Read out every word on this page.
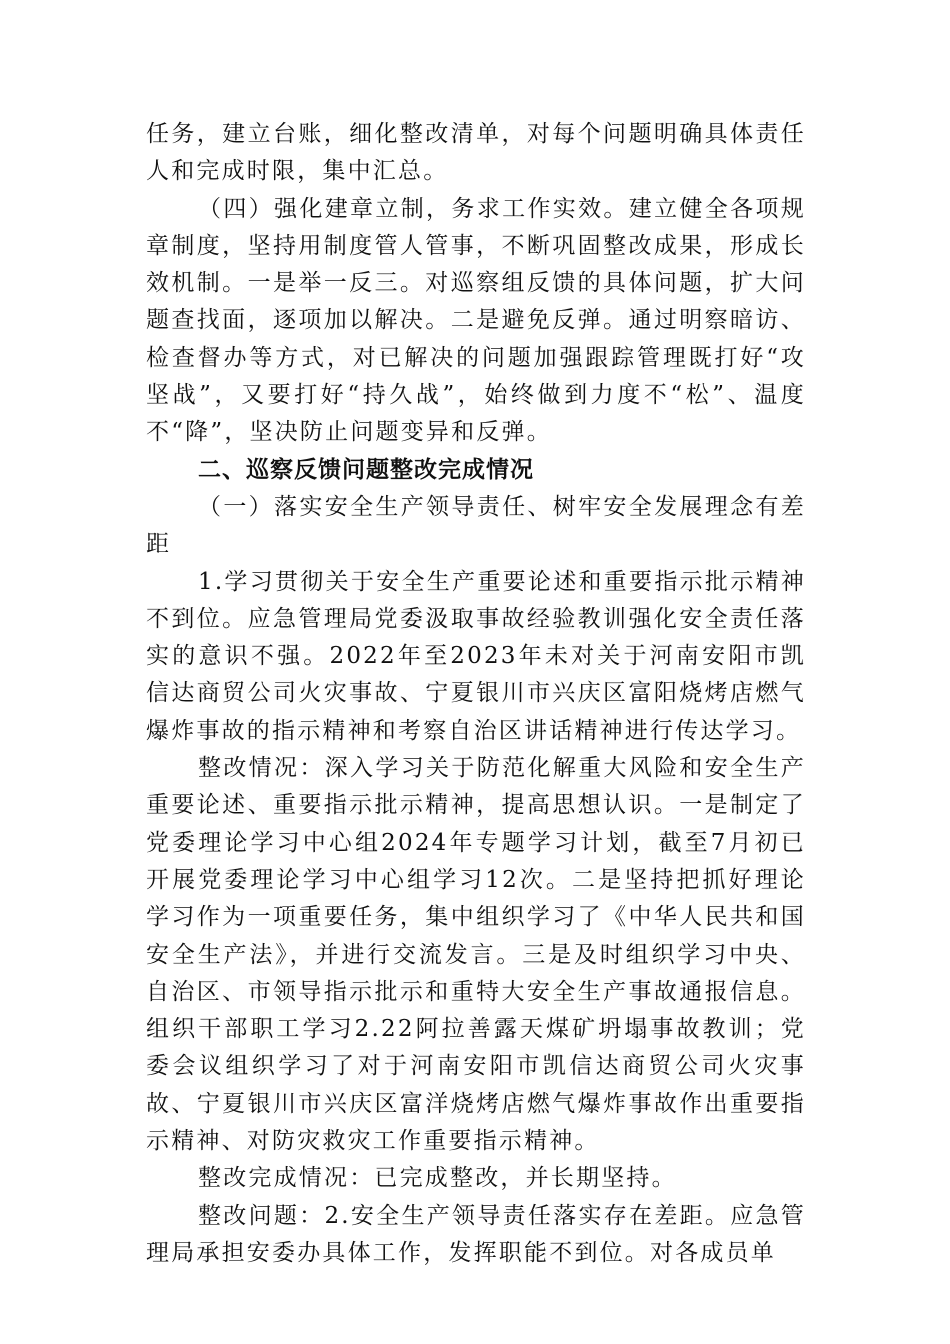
任务，建立台账，细化整改清单，对每个问题明确具体责任人和完成时限，集中汇总。

（四）强化建章立制，务求工作实效。建立健全各项规章制度，坚持用制度管人管事，不断巩固整改成果，形成长效机制。一是举一反三。对巡察组反馈的具体问题，扩大问题查找面，逐项加以解决。二是避免反弹。通过明察暗访、检查督办等方式，对已解决的问题加强跟踪管理既打好“攻坚战”，又要打好“持久战”，始终做到力度不“松”、温度不“降”，坚决防止问题变异和反弹。

二、巡察反馈问题整改完成情况

（一）落实安全生产领导责任、树牢安全发展理念有差距

1.学习贯彻关于安全生产重要论述和重要指示批示精神不到位。应急管理局党委汲取事故经验教训强化安全责任落实的意识不强。2022年至2023年未对关于河南安阳市凯信达商贸公司火灾事故、宁夏银川市兴庆区富阳烧烤店燃气爆炸事故的指示精神和考察自治区讲话精神进行传达学习。

整改情况：深入学习关于防范化解重大风险和安全生产重要论述、重要指示批示精神，提高思想认识。一是制定了党委理论学习中心组2024年专题学习计划，截至7月初已开展党委理论学习中心组学习12次。二是坚持把抓好理论学习作为一项重要任务，集中组织学习了《中华人民共和国安全生产法》，并进行交流发言。三是及时组织学习中央、自治区、市领导指示批示和重特大安全生产事故通报信息。组织干部职工学习2.22阿拉善露天煤矿坍塌事故教训；党委会议组织学习了对于河南安阳市凯信达商贸公司火灾事故、宁夏银川市兴庆区富洋烧烤店燃气爆炸事故作出重要指示精神、对防灾救灾工作重要指示精神。

整改完成情况：已完成整改，并长期坚持。

整改问题：2.安全生产领导责任落实存在差距。应急管理局承担安委办具体工作，发挥职能不到位。对各成员单
